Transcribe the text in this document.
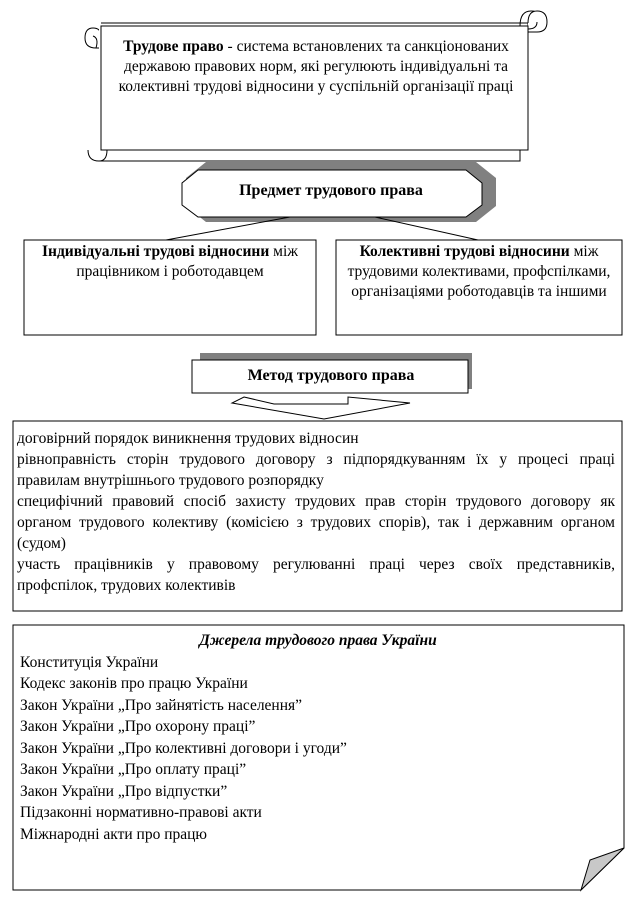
Трудове право - система встановлених та санкціонованих державою правових норм, які регулюють індивідуальні та колективні трудові відносини у суспільній організації праці
Предмет трудового права
Індивідуальні трудові відносини між працівником і роботодавцем
Колективні трудові відносини між трудовими колективами, профспілками, організаціями роботодавців та іншими
Метод трудового права
договірний порядок виникнення трудових відносин
рівноправність сторін трудового договору з підпорядкуванням їх у процесі праці правилам внутрішнього трудового розпорядку
специфічний правовий спосіб захисту трудових прав сторін трудового договору як органом трудового колективу (комісією з трудових спорів), так і державним органом (судом)
участь працівників у правовому регулюванні праці через своїх представників, профспілок, трудових колективів
Джерела трудового права України
Конституція України
Кодекс законів про працю України
Закон України „Про зайнятість населення”
Закон України „Про охорону праці”
Закон України „Про колективні договори і угоди”
Закон України „Про оплату праці”
Закон України „Про відпустки”
Підзаконні нормативно-правові акти
Міжнародні акти про працю
